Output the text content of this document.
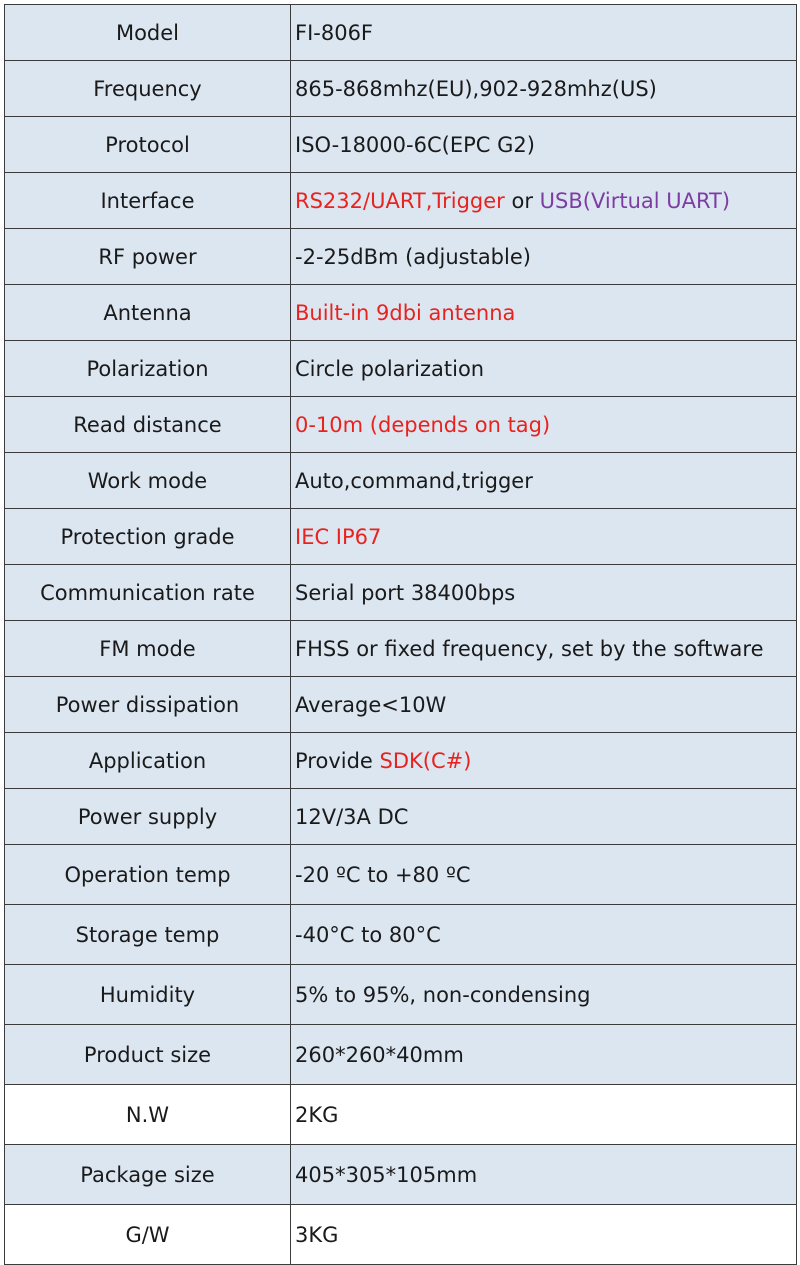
Model	FI-806F
Frequency	865-868mhz(EU),902-928mhz(US)
Protocol	ISO-18000-6C(EPC G2)
Interface	RS232/UART,Trigger or USB(Virtual UART)
RF power	-2-25dBm (adjustable)
Antenna	Built-in 9dbi antenna
Polarization	Circle polarization
Read distance	0-10m (depends on tag)
Work mode	Auto,command,trigger
Protection grade	IEC IP67
Communication rate	Serial port 38400bps
FM mode	FHSS or fixed frequency, set by the software
Power dissipation	Average<10W
Application	Provide SDK(C#)
Power supply	12V/3A DC
Operation temp	-20 ºC to +80 ºC
Storage temp	-40°C to 80°C
Humidity	5% to 95%, non-condensing
Product size	260*260*40mm
N.W	2KG
Package size	405*305*105mm
G/W	3KG
